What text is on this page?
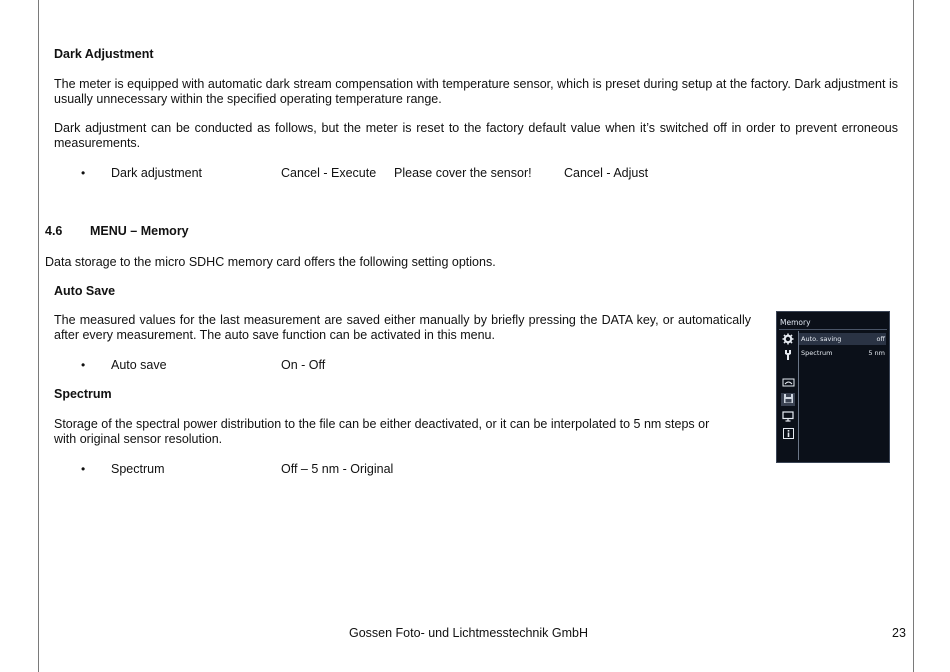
Dark Adjustment
The meter is equipped with automatic dark stream compensation with temperature sensor, which is preset during setup at the factory. Dark adjustment is usually unnecessary within the specified operating temperature range.
Dark adjustment can be conducted as follows, but the meter is reset to the factory default value when it’s switched off in order to prevent erroneous measurements.
• Dark adjustment	Cancel - Execute Please cover the sensor!	Cancel - Adjust
4.6 MENU – Memory
Data storage to the micro SDHC memory card offers the following setting options.
Auto Save
The measured values for the last measurement are saved either manually by briefly pressing the DATA key, or automatically after every measurement. The auto save function can be activated in this menu.
• Auto save	On - Off
Spectrum
Storage of the spectral power distribution to the file can be either deactivated, or it can be interpolated to 5 nm steps or with original sensor resolution.
• Spectrum	Off – 5 nm - Original
Memory
Auto. saving	off
Spectrum	5 nm
Gossen Foto- und Lichtmesstechnik GmbH	23
